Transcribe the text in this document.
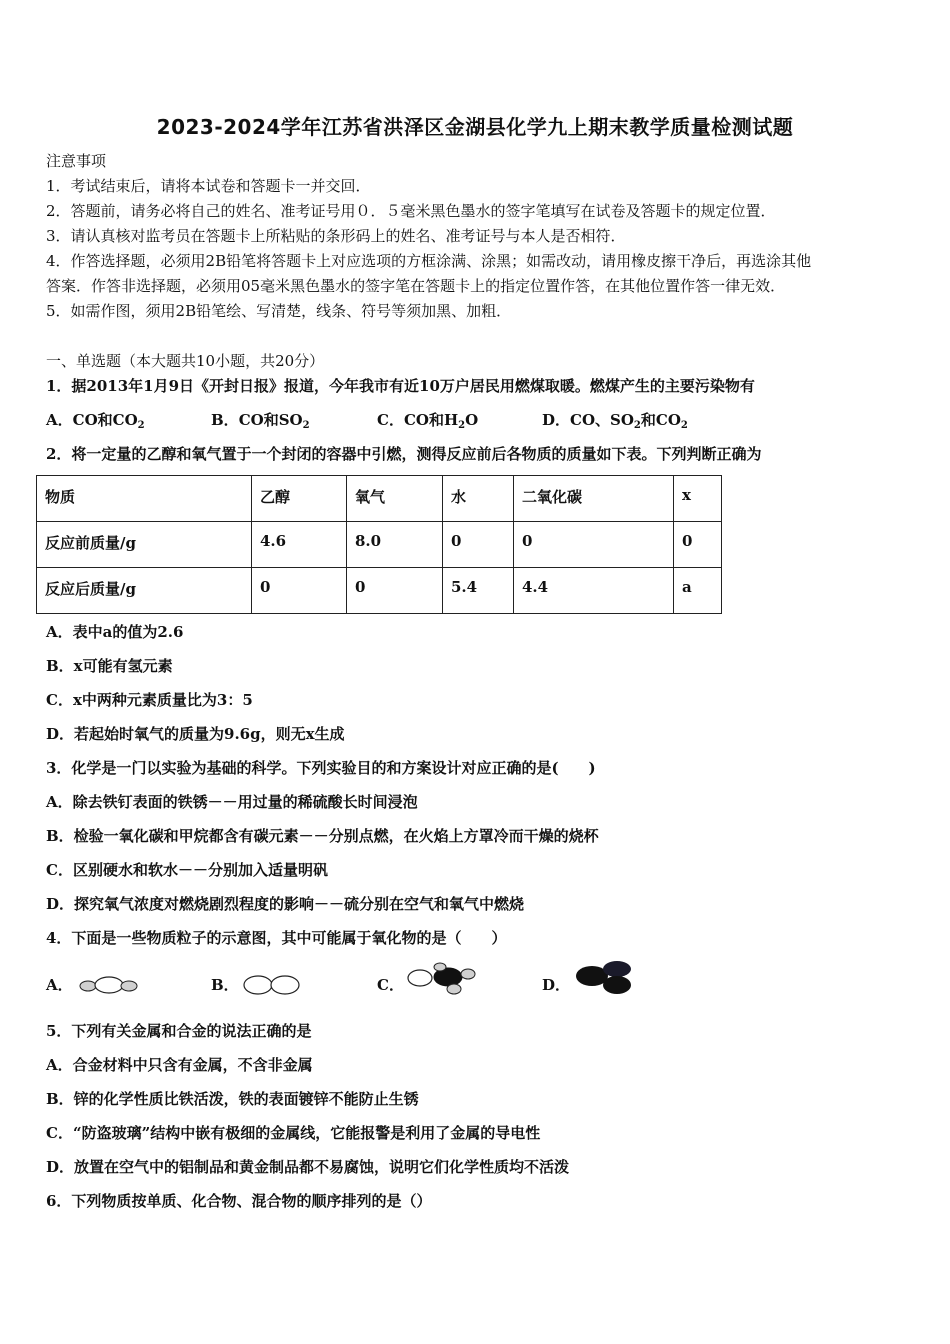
2023-2024学年江苏省洪泽区金湖县化学九上期末教学质量检测试题
注意事项
1．考试结束后，请将本试卷和答题卡一并交回．
2．答题前，请务必将自己的姓名、准考证号用０．５毫米黑色墨水的签字笔填写在试卷及答题卡的规定位置．
3．请认真核对监考员在答题卡上所粘贴的条形码上的姓名、准考证号与本人是否相符．
4．作答选择题，必须用2B铅笔将答题卡上对应选项的方框涂满、涂黑；如需改动，请用橡皮擦干净后，再选涂其他
答案．作答非选择题，必须用05毫米黑色墨水的签字笔在答题卡上的指定位置作答，在其他位置作答一律无效．
5．如需作图，须用2B铅笔绘、写清楚，线条、符号等须加黑、加粗．
一、单选题（本大题共10小题，共20分）
1．据2013年1月9日《开封日报》报道，今年我市有近10万户居民用燃煤取暖。燃煤产生的主要污染物有
A．CO和$CO_2$	B．CO和$SO_2$	C．CO和$H_2O$	D．CO、$SO_2$和$CO_2$
2．将一定量的乙醇和氧气置于一个封闭的容器中引燃，测得反应前后各物质的质量如下表。下列判断正确为
物质	乙醇	氧气	水	二氧化碳	x
反应前质量/g	4.6	8.0	0	0	0
反应后质量/g	0	0	5.4	4.4	a
A．表中a的值为2.6
B．x可能有氢元素
C．x中两种元素质量比为3：5
D．若起始时氧气的质量为9.6g，则无x生成
3．化学是一门以实验为基础的科学。下列实验目的和方案设计对应正确的是(　　)
A．除去铁钉表面的铁锈－－用过量的稀硫酸长时间浸泡
B．检验一氧化碳和甲烷都含有碳元素－－分别点燃，在火焰上方罩冷而干燥的烧杯
C．区别硬水和软水－－分别加入适量明矾
D．探究氧气浓度对燃烧剧烈程度的影响－－硫分别在空气和氧气中燃烧
4．下面是一些物质粒子的示意图，其中可能属于氧化物的是（　　）
A．	B．	C．	D．
5．下列有关金属和合金的说法正确的是
A．合金材料中只含有金属，不含非金属
B．锌的化学性质比铁活泼，铁的表面镀锌不能防止生锈
C．“防盗玻璃”结构中嵌有极细的金属线，它能报警是利用了金属的导电性
D．放置在空气中的铝制品和黄金制品都不易腐蚀，说明它们化学性质均不活泼
6．下列物质按单质、化合物、混合物的顺序排列的是（）
